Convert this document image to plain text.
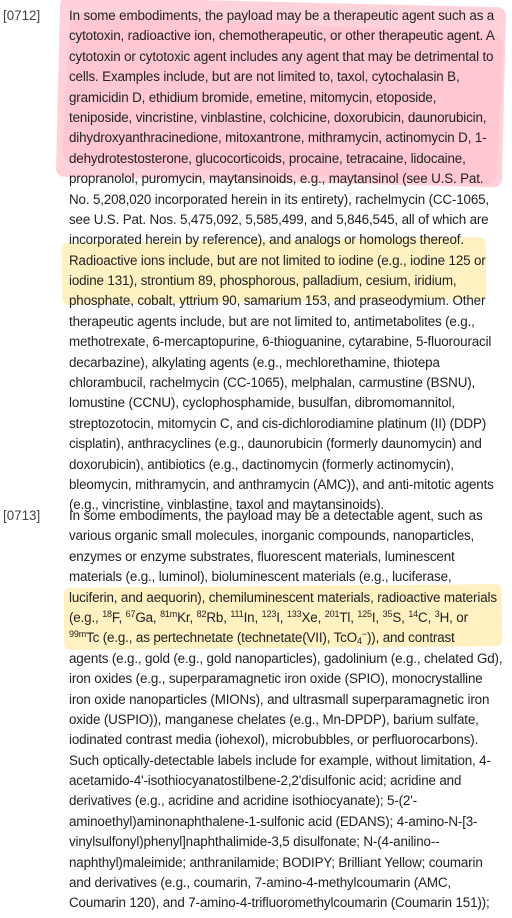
[0712]	In some embodiments, the payload may be a therapeutic agent such as a
cytotoxin, radioactive ion, chemotherapeutic, or other therapeutic agent. A
cytotoxin or cytotoxic agent includes any agent that may be detrimental to
cells. Examples include, but are not limited to, taxol, cytochalasin B,
gramicidin D, ethidium bromide, emetine, mitomycin, etoposide,
teniposide, vincristine, vinblastine, colchicine, doxorubicin, daunorubicin,
dihydroxyanthracinedione, mitoxantrone, mithramycin, actinomycin D, 1-
dehydrotestosterone, glucocorticoids, procaine, tetracaine, lidocaine,
propranolol, puromycin, maytansinoids, e.g., maytansinol (see U.S. Pat.
No. 5,208,020 incorporated herein in its entirety), rachelmycin (CC-1065,
see U.S. Pat. Nos. 5,475,092, 5,585,499, and 5,846,545, all of which are
incorporated herein by reference), and analogs or homologs thereof.
Radioactive ions include, but are not limited to iodine (e.g., iodine 125 or
iodine 131), strontium 89, phosphorous, palladium, cesium, iridium,
phosphate, cobalt, yttrium 90, samarium 153, and praseodymium. Other
therapeutic agents include, but are not limited to, antimetabolites (e.g.,
methotrexate, 6-mercaptopurine, 6-thioguanine, cytarabine, 5-fluorouracil
decarbazine), alkylating agents (e.g., mechlorethamine, thiotepa
chlorambucil, rachelmycin (CC-1065), melphalan, carmustine (BSNU),
lomustine (CCNU), cyclophosphamide, busulfan, dibromomannitol,
streptozotocin, mitomycin C, and cis-dichlorodiamine platinum (II) (DDP)
cisplatin), anthracyclines (e.g., daunorubicin (formerly daunomycin) and
doxorubicin), antibiotics (e.g., dactinomycin (formerly actinomycin),
bleomycin, mithramycin, and anthramycin (AMC)), and anti-mitotic agents
(e.g., vincristine, vinblastine, taxol and maytansinoids).
[0713]	In some embodiments, the payload may be a detectable agent, such as
various organic small molecules, inorganic compounds, nanoparticles,
enzymes or enzyme substrates, fluorescent materials, luminescent
materials (e.g., luminol), bioluminescent materials (e.g., luciferase,
luciferin, and aequorin), chemiluminescent materials, radioactive materials
(e.g., $^{18}$F, $^{67}$Ga, $^{81m}$Kr, $^{82}$Rb, $^{111}$In, $^{123}$I, $^{133}$Xe, $^{201}$Tl, $^{125}$I, $^{35}$S, $^{14}$C, $^3$H, or
$^{99m}$Tc (e.g., as pertechnetate (technetate(VII), TcO$_4$−)), and contrast
agents (e.g., gold (e.g., gold nanoparticles), gadolinium (e.g., chelated Gd),
iron oxides (e.g., superparamagnetic iron oxide (SPIO), monocrystalline
iron oxide nanoparticles (MIONs), and ultrasmall superparamagnetic iron
oxide (USPIO)), manganese chelates (e.g., Mn-DPDP), barium sulfate,
iodinated contrast media (iohexol), microbubbles, or perfluorocarbons).
Such optically-detectable labels include for example, without limitation, 4-
acetamido-4'-isothiocyanatostilbene-2,2'disulfonic acid; acridine and
derivatives (e.g., acridine and acridine isothiocyanate); 5-(2'-
aminoethyl)aminonaphthalene-1-sulfonic acid (EDANS); 4-amino-N-[3-
vinylsulfonyl)phenyl]naphthalimide-3,5 disulfonate; N-(4-anilino--
naphthyl)maleimide; anthranilamide; BODIPY; Brilliant Yellow; coumarin
and derivatives (e.g., coumarin, 7-amino-4-methylcoumarin (AMC,
Coumarin 120), and 7-amino-4-trifluoromethylcoumarin (Coumarin 151));
